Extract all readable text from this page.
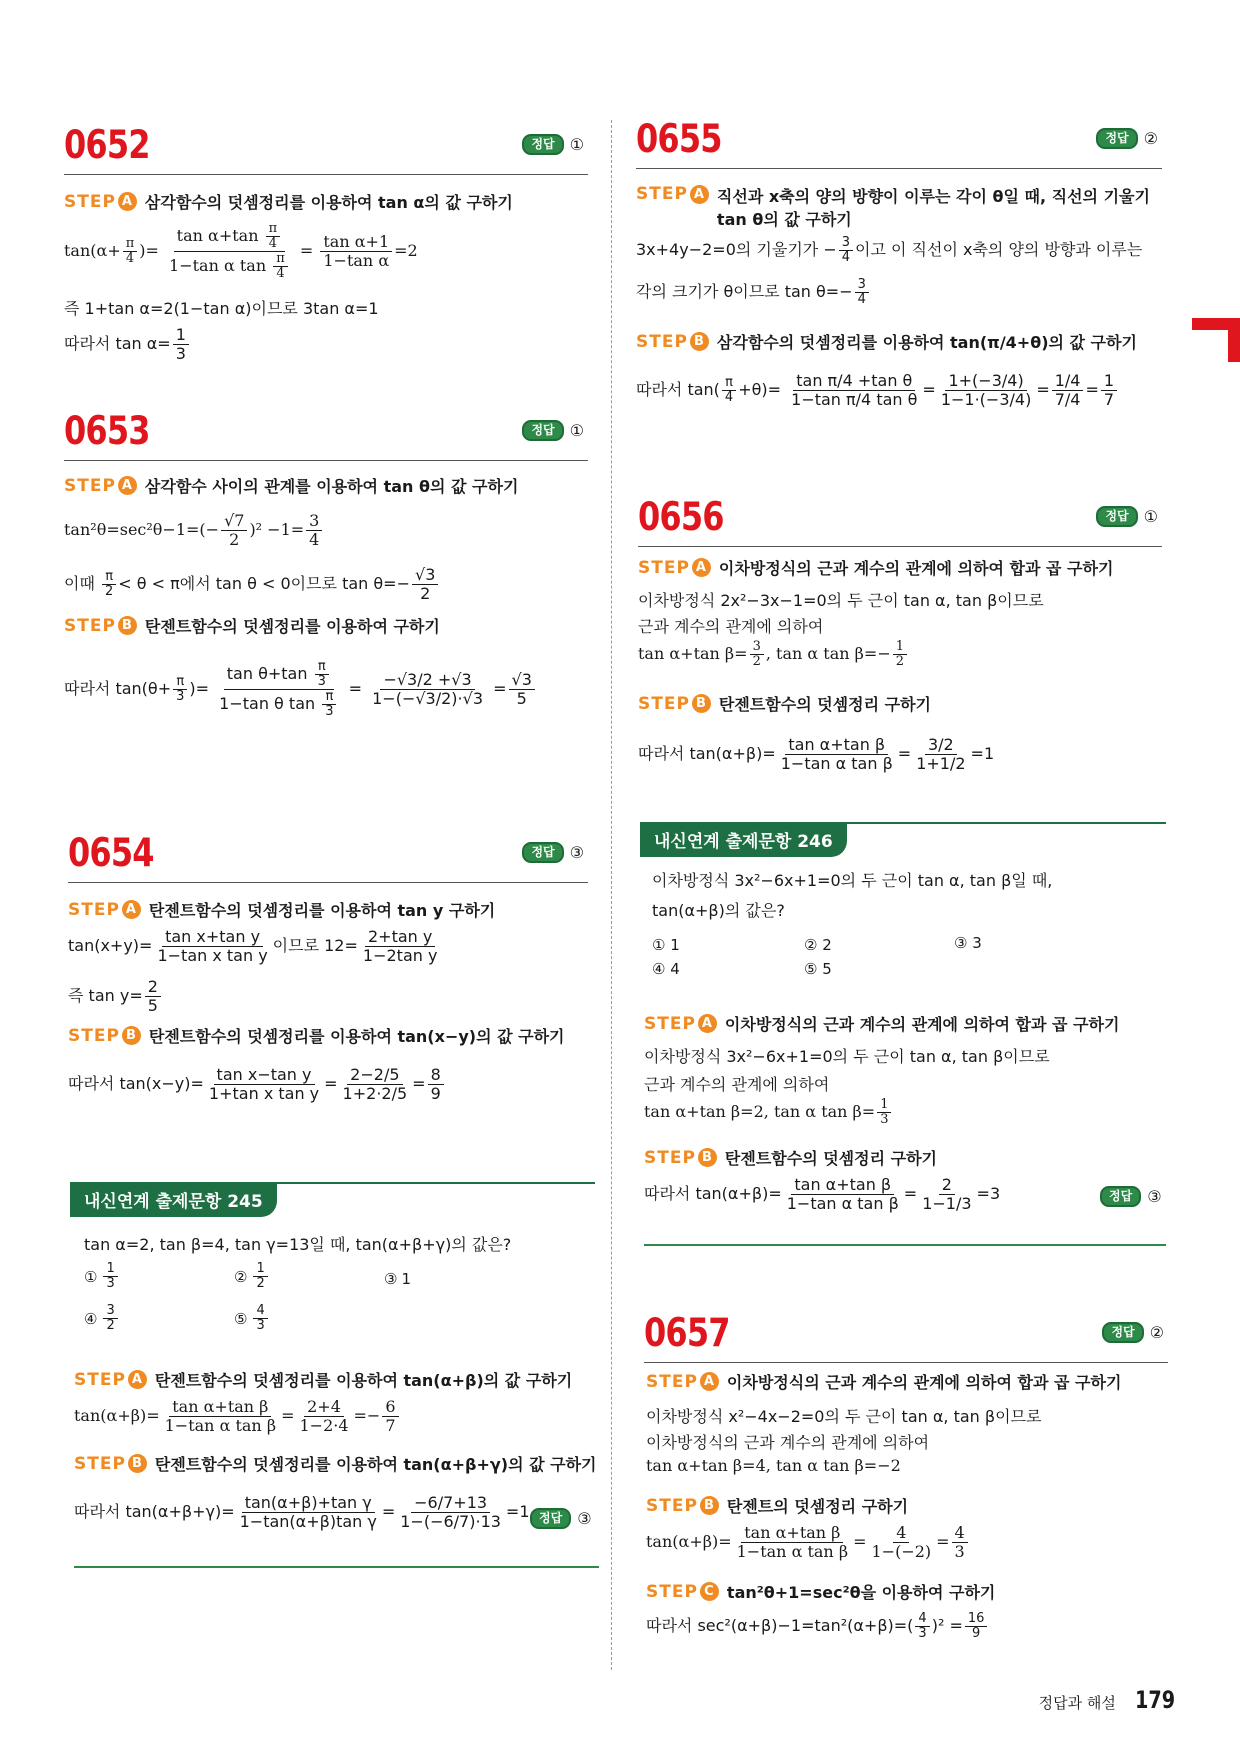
0652	정답 ①
STEP A 삼각함수의 덧셈정리를 이용하여 tan α의 값 구하기
$\tan(\alpha+ \frac{\pi}{4}$ )= $\frac{\tan \alpha+\tan \frac{\pi}{4}}{1-\tan \alpha \tan \frac{\pi}{4}} = \frac{\text{tan α+1}}{\text{1−tan α}} =2$
즉 1+tan α=2(1−tan α)이므로 3tan α=1
따라서 $\tan \alpha= \frac{1}{3}$
0653	정답 ①
STEP A 삼각함수 사이의 관계를 이용하여 tan θ의 값 구하기
$\tan^2\theta=\sec^2\theta-1=(- \frac{√7}{2} )^2 -1= \frac{3}{4}$
이때 $\frac{\pi}{2} < \theta < \pi$에서 tan θ < 0이므로 $\tan \theta=- \frac{√3}{2}$
STEP B 탄젠트함수의 덧셈정리를 이용하여 구하기
따라서 $\tan(\theta+ \frac{\pi}{3}$ )= $\frac{\tan \theta+\tan \frac{\pi}{3}}{1-\tan \theta \tan \frac{\pi}{3}} = \frac{-√3/2 +√3}{1-(-√3/2)\cdot√3} = \frac{√3}{5}$
0654	정답 ③
STEP A 탄젠트함수의 덧셈정리를 이용하여 tan y 구하기
$\tan(x+y)= \frac{\text{tan x+tan y}}{\text{1−tan x tan y}}$ 이므로 $12= \frac{\text{2+tan y}}{\text{1−2tan y}}$
즉 $\tan y= \frac{2}{5}$
STEP B 탄젠트함수의 덧셈정리를 이용하여 tan(x−y)의 값 구하기
따라서 $\tan(x-y)= \frac{\text{tan x−tan y}}{\text{1+tan x tan y}} = \frac{2-2/5}{1+2\cdot 2/5} = \frac{8}{9}$
내신연계 출제문항 245
tan α=2, tan β=4, tan γ=13일 때, tan(α+β+γ)의 값은?
① $\frac{1}{3}$	② $\frac{1}{2}$	③ 1
④ $\frac{3}{2}$	⑤ $\frac{4}{3}$
STEP A 탄젠트함수의 덧셈정리를 이용하여 tan(α+β)의 값 구하기
$\tan(\alpha+\beta)= \frac{\text{tan α+tan β}}{\text{1−tan α tan β}} = \frac{2+4}{1-2\cdot 4} =- \frac{6}{7}$
STEP B 탄젠트함수의 덧셈정리를 이용하여 tan(α+β+γ)의 값 구하기
따라서 $\tan(\alpha+\beta+\gamma)= \frac{\text{tan(α+β)+tan γ}}{\text{1−tan(α+β)tan γ}} = \frac{-6/7+13}{1-(-6/7)\cdot 13} =1$ 정답 ③
0655	정답 ②
STEP A 직선과 x축의 양의 방향이 이루는 각이 θ일 때, 직선의 기울기
tan θ의 값 구하기
3x+4y−2=0의 기울기가 − $\frac{3}{4}$ 이고 이 직선이 x축의 양의 방향과 이루는
각의 크기가 θ이므로 $\tan \theta=- \frac{3}{4}$
STEP B 삼각함수의 덧셈정리를 이용하여 tan(π/4+θ)의 값 구하기
따라서 $\tan( \frac{\pi}{4} +\theta)= \frac{\text{tan π/4 +tan θ}}{\text{1−tan π/4 tan θ}} = \frac{1+(-3/4)}{1-1\cdot(-3/4)} = \frac{1/4}{7/4} = \frac{1}{7}$
0656	정답 ①
STEP A 이차방정식의 근과 계수의 관계에 의하여 합과 곱 구하기
이차방정식 2x²−3x−1=0의 두 근이 tan α, tan β이므로
근과 계수의 관계에 의하여
tan α+tan $\beta= \frac{3}{2}$ , tan α $\tan \beta=- \frac{1}{2}$
STEP B 탄젠트함수의 덧셈정리 구하기
따라서 $\tan(\alpha+\beta)= \frac{\text{tan α+tan β}}{\text{1−tan α tan β}} = \frac{3/2}{1+1/2} =1$
내신연계 출제문항 246
이차방정식 3x²−6x+1=0의 두 근이 tan α, tan β일 때,
tan(α+β)의 값은?
① 1	② 2	③ 3
④ 4	⑤ 5
STEP A 이차방정식의 근과 계수의 관계에 의하여 합과 곱 구하기
이차방정식 3x²−6x+1=0의 두 근이 tan α, tan β이므로
근과 계수의 관계에 의하여
tan α+tan β=2, tan α $\tan \beta= \frac{1}{3}$
STEP B 탄젠트함수의 덧셈정리 구하기
따라서 $\tan(\alpha+\beta)= \frac{\text{tan α+tan β}}{\text{1−tan α tan β}} = \frac{2}{1-1/3} =3$	정답 ③
0657	정답 ②
STEP A 이차방정식의 근과 계수의 관계에 의하여 합과 곱 구하기
이차방정식 x²−4x−2=0의 두 근이 tan α, tan β이므로
이차방정식의 근과 계수의 관계에 의하여
tan α+tan β=4, tan α tan β=−2
STEP B 탄젠트의 덧셈정리 구하기
$\tan(\alpha+\beta)= \frac{\text{tan α+tan β}}{\text{1−tan α tan β}} = \frac{4}{1-(-2)} = \frac{4}{3}$
STEP C tan²θ+1=sec²θ을 이용하여 구하기
따라서 $\sec^2(\alpha+\beta)-1=\tan^2(\alpha+\beta)=( \frac{4}{3} )^2 = \frac{16}{9}$
정답과 해설 179
